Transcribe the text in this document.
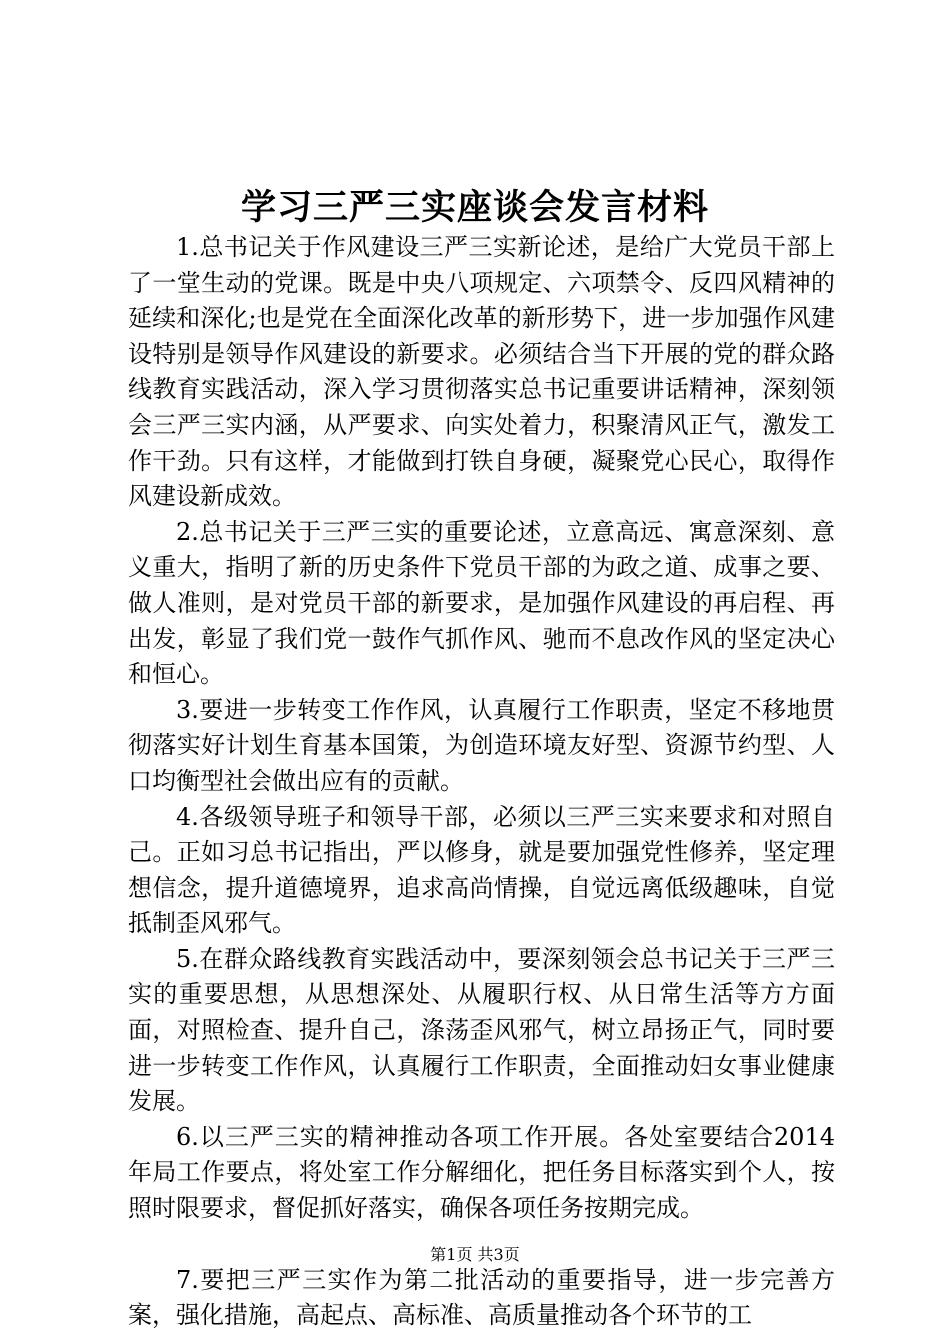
学习三严三实座谈会发言材料

1.总书记关于作风建设三严三实新论述，是给广大党员干部上了一堂生动的党课。既是中央八项规定、六项禁令、反四风精神的延续和深化;也是党在全面深化改革的新形势下，进一步加强作风建设特别是领导作风建设的新要求。必须结合当下开展的党的群众路线教育实践活动，深入学习贯彻落实总书记重要讲话精神，深刻领会三严三实内涵，从严要求、向实处着力，积聚清风正气，激发工作干劲。只有这样，才能做到打铁自身硬，凝聚党心民心，取得作风建设新成效。

2.总书记关于三严三实的重要论述，立意高远、寓意深刻、意义重大，指明了新的历史条件下党员干部的为政之道、成事之要、做人准则，是对党员干部的新要求，是加强作风建设的再启程、再出发，彰显了我们党一鼓作气抓作风、驰而不息改作风的坚定决心和恒心。

3.要进一步转变工作作风，认真履行工作职责，坚定不移地贯彻落实好计划生育基本国策，为创造环境友好型、资源节约型、人口均衡型社会做出应有的贡献。

4.各级领导班子和领导干部，必须以三严三实来要求和对照自己。正如习总书记指出，严以修身，就是要加强党性修养，坚定理想信念，提升道德境界，追求高尚情操，自觉远离低级趣味，自觉抵制歪风邪气。

5.在群众路线教育实践活动中，要深刻领会总书记关于三严三实的重要思想，从思想深处、从履职行权、从日常生活等方方面面，对照检查、提升自己，涤荡歪风邪气，树立昂扬正气，同时要进一步转变工作作风，认真履行工作职责，全面推动妇女事业健康发展。

6.以三严三实的精神推动各项工作开展。各处室要结合2014年局工作要点，将处室工作分解细化，把任务目标落实到个人，按照时限要求，督促抓好落实，确保各项任务按期完成。

7.要把三严三实作为第二批活动的重要指导，进一步完善方案，强化措施，高起点、高标准、高质量推动各个环节的工

第1页 共3页
